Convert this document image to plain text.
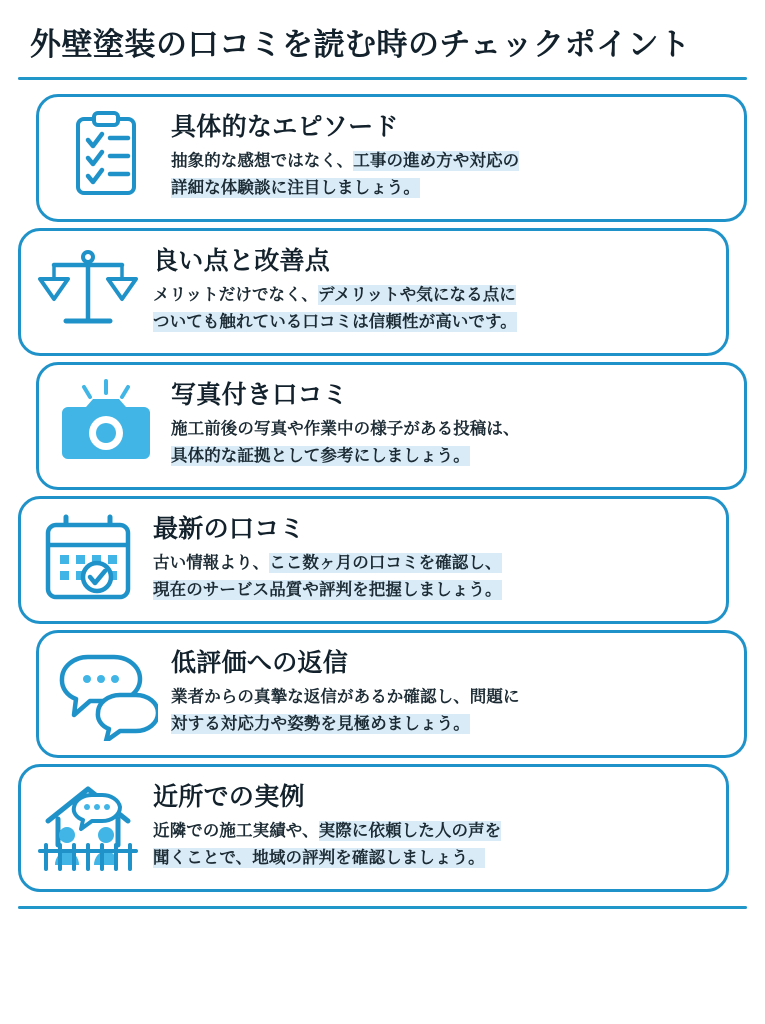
外壁塗装の口コミを読む時のチェックポイント
具体的なエピソード
抽象的な感想ではなく、工事の進め方や対応の
詳細な体験談に注目しましょう。
良い点と改善点
メリットだけでなく、デメリットや気になる点に
ついても触れている口コミは信頼性が高いです。
写真付き口コミ
施工前後の写真や作業中の様子がある投稿は、
具体的な証拠として参考にしましょう。
最新の口コミ
古い情報より、ここ数ヶ月の口コミを確認し、
現在のサービス品質や評判を把握しましょう。
低評価への返信
業者からの真摯な返信があるか確認し、問題に
対する対応力や姿勢を見極めましょう。
近所での実例
近隣での施工実績や、実際に依頼した人の声を
聞くことで、地域の評判を確認しましょう。
